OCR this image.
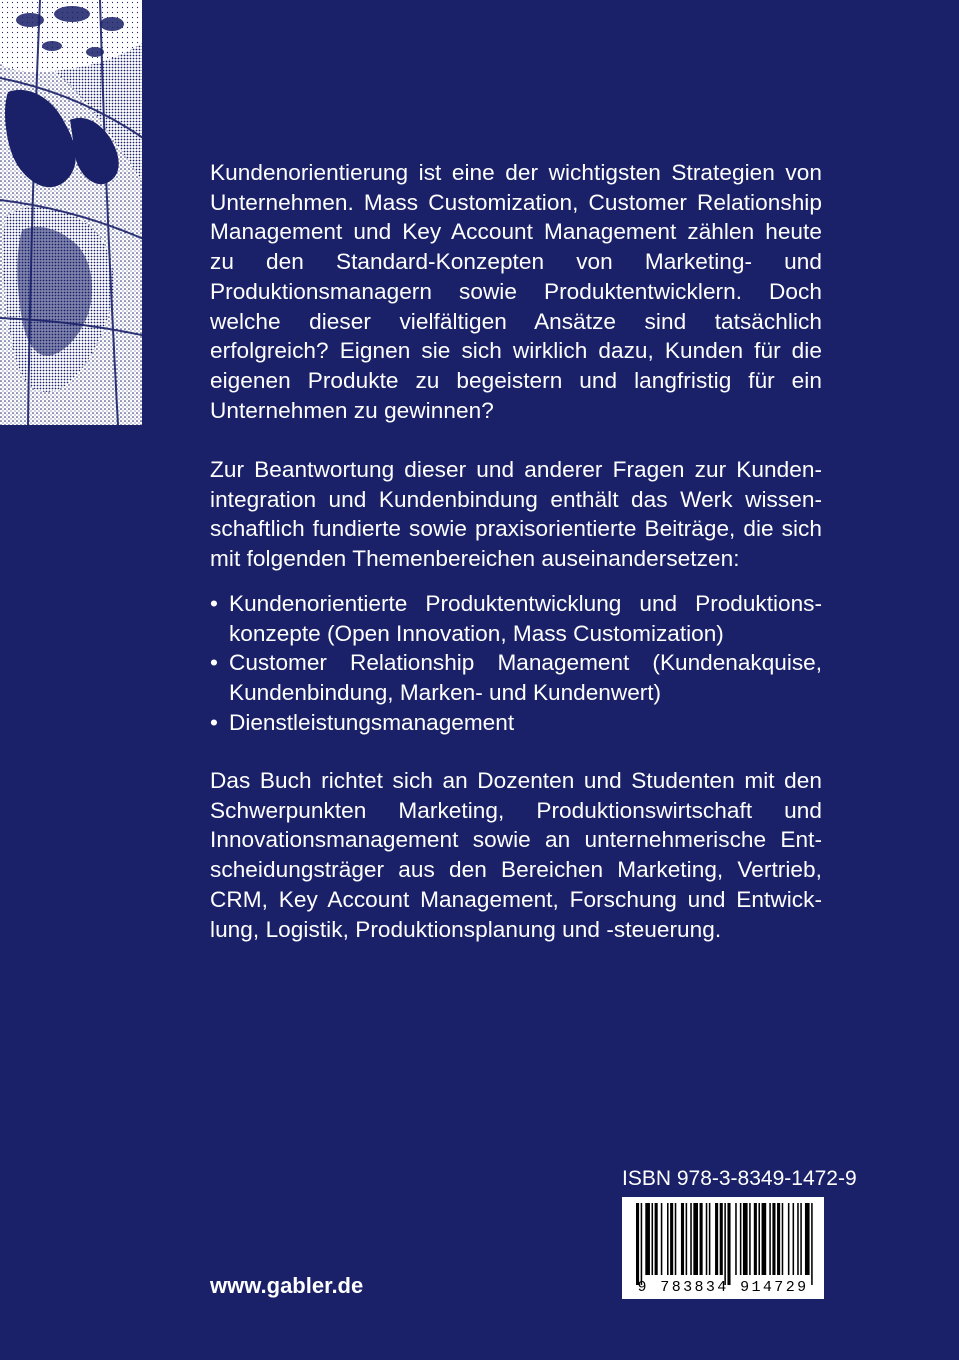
Kundenorientierung ist eine der wichtigsten Strategien von Unternehmen. Mass Customization, Customer Relationship Management und Key Account Management zählen heute zu den Standard-Konzepten von Marketing- und Produktionsmanagern sowie Produktentwicklern. Doch welche dieser vielfältigen Ansätze sind tatsächlich erfolgreich? Eignen sie sich wirklich dazu, Kunden für die eigenen Produkte zu begeistern und langfristig für ein Unternehmen zu gewinnen?

Zur Beantwortung dieser und anderer Fragen zur Kundenintegration und Kundenbindung enthält das Werk wissenschaftlich fundierte sowie praxisorientierte Beiträge, die sich mit folgenden Themenbereichen auseinandersetzen:

• Kundenorientierte Produktentwicklung und Produktionskonzepte (Open Innovation, Mass Customization)
• Customer Relationship Management (Kundenakquise, Kundenbindung, Marken- und Kundenwert)
• Dienstleistungsmanagement

Das Buch richtet sich an Dozenten und Studenten mit den Schwerpunkten Marketing, Produktionswirtschaft und Innovationsmanagement sowie an unternehmerische Entscheidungsträger aus den Bereichen Marketing, Vertrieb, CRM, Key Account Management, Forschung und Entwicklung, Logistik, Produktionsplanung und -steuerung.

ISBN 978-3-8349-1472-9
9 783834 914729
www.gabler.de
